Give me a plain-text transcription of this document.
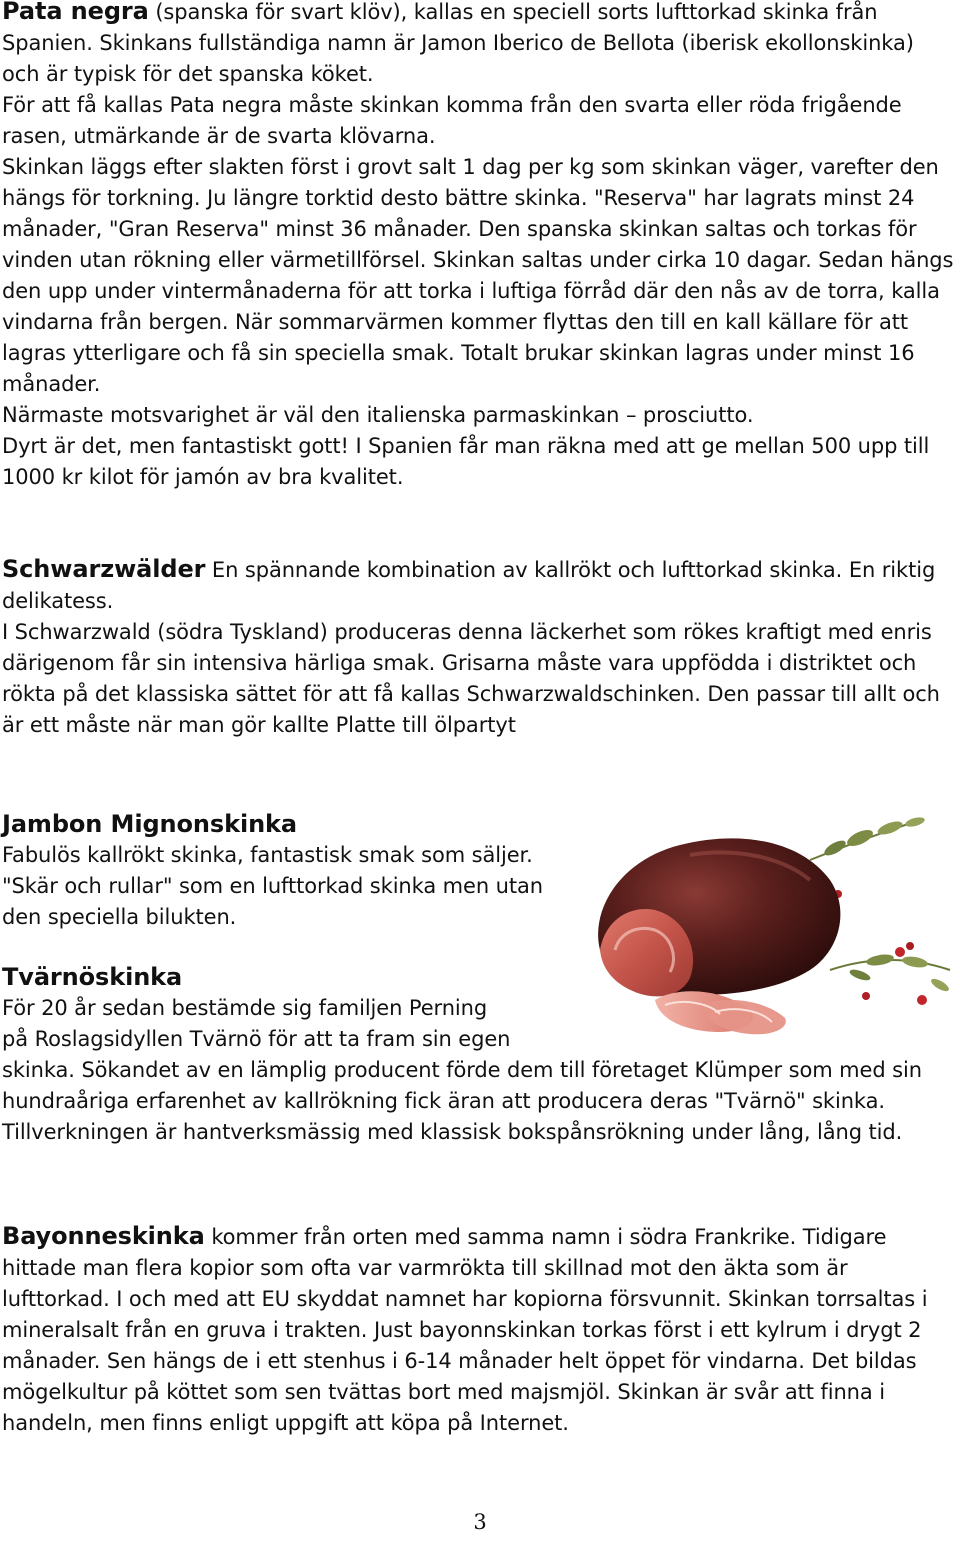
Pata negra (spanska för svart klöv), kallas en speciell sorts lufttorkad skinka från Spanien. Skinkans fullständiga namn är Jamon Iberico de Bellota (iberisk ekollonskinka) och är typisk för det spanska köket.

För att få kallas Pata negra måste skinkan komma från den svarta eller röda frigående rasen, utmärkande är de svarta klövarna.

Skinkan läggs efter slakten först i grovt salt 1 dag per kg som skinkan väger, varefter den hängs för torkning. Ju längre torktid desto bättre skinka. "Reserva" har lagrats minst 24 månader, "Gran Reserva" minst 36 månader. Den spanska skinkan saltas och torkas för vinden utan rökning eller värmetillförsel. Skinkan saltas under cirka 10 dagar. Sedan hängs den upp under vintermånaderna för att torka i luftiga förråd där den nås av de torra, kalla vindarna från bergen. När sommarvärmen kommer flyttas den till en kall källare för att lagras ytterligare och få sin speciella smak. Totalt brukar skinkan lagras under minst 16 månader.

Närmaste motsvarighet är väl den italienska parmaskinkan – prosciutto.

Dyrt är det, men fantastiskt gott! I Spanien får man räkna med att ge mellan 500 upp till 1000 kr kilot för jamón av bra kvalitet.

Schwarzwälder En spännande kombination av kallrökt och lufttorkad skinka. En riktig delikatess.

I Schwarzwald (södra Tyskland) produceras denna läckerhet som rökes kraftigt med enris därigenom får sin intensiva härliga smak. Grisarna måste vara uppfödda i distriktet och rökta på det klassiska sättet för att få kallas Schwarzwaldschinken. Den passar till allt och är ett måste när man gör kallte Platte till ölpartyt

Jambon Mignonskinka

Fabulös kallrökt skinka, fantastisk smak som säljer. "Skär och rullar" som en lufttorkad skinka men utan den speciella bilukten.

Tvärnöskinka

För 20 år sedan bestämde sig familjen Perning på Roslagsidyllen Tvärnö för att ta fram sin egen skinka. Sökandet av en lämplig producent förde dem till företaget Klümper som med sin hundraåriga erfarenhet av kallrökning fick äran att producera deras "Tvärnö" skinka. Tillverkningen är hantverksmässig med klassisk bokspånsrökning under lång, lång tid.

Bayonneskinka kommer från orten med samma namn i södra Frankrike. Tidigare hittade man flera kopior som ofta var varmrökta till skillnad mot den äkta som är lufttorkad. I och med att EU skyddat namnet har kopiorna försvunnit. Skinkan torrsaltas i mineralsalt från en gruva i trakten. Just bayonnskinkan torkas först i ett kylrum i drygt 2 månader. Sen hängs de i ett stenhus i 6-14 månader helt öppet för vindarna. Det bildas mögelkultur på köttet som sen tvättas bort med majsmjöl. Skinkan är svår att finna i handeln, men finns enligt uppgift att köpa på Internet.

3
